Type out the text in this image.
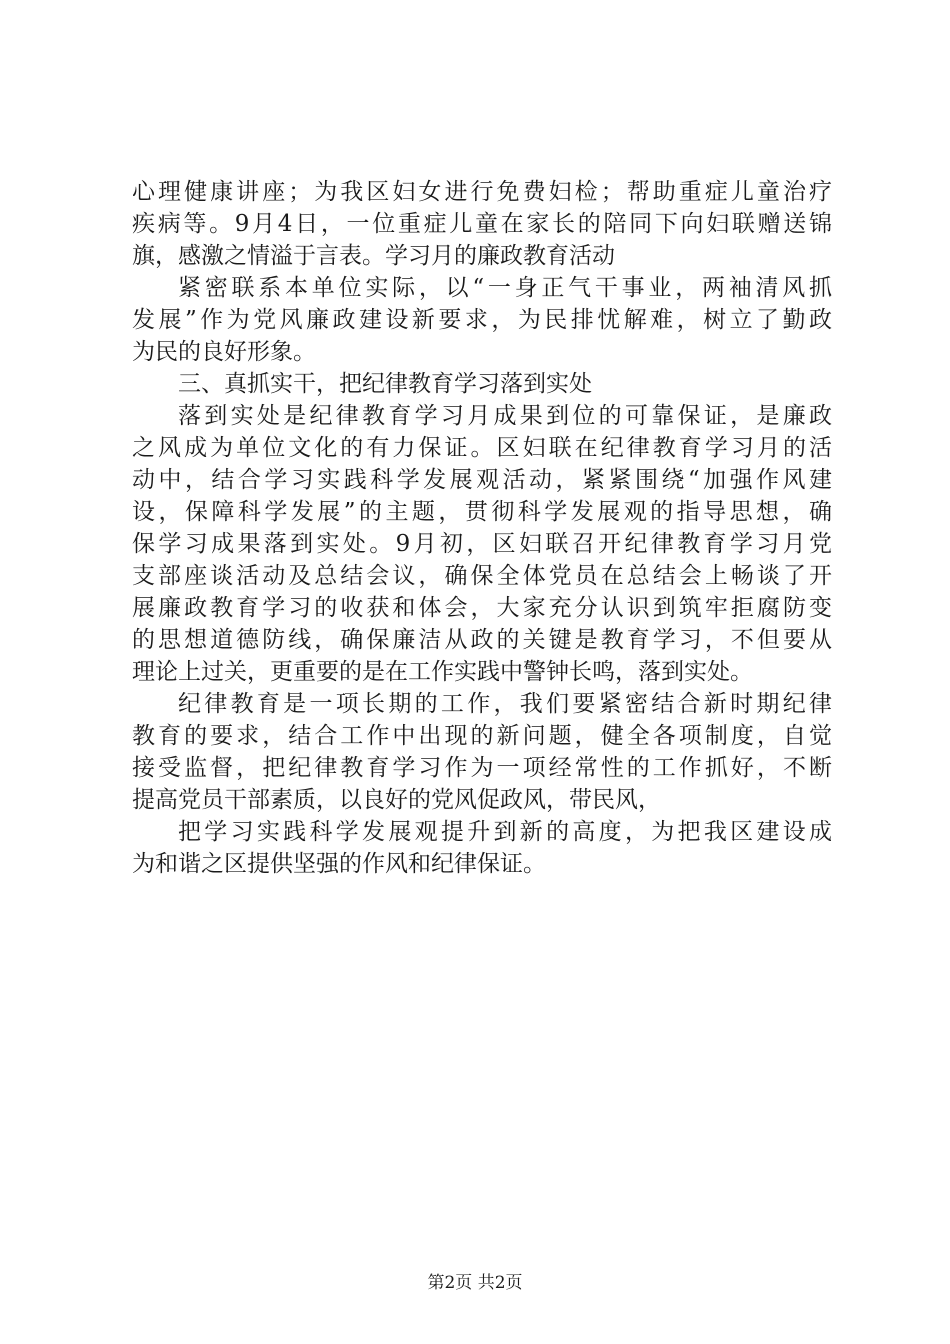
心理健康讲座；为我区妇女进行免费妇检；帮助重症儿童治疗
疾病等。9月4日，一位重症儿童在家长的陪同下向妇联赠送锦
旗，感激之情溢于言表。学习月的廉政教育活动
紧密联系本单位实际，以“一身正气干事业，两袖清风抓
发展”作为党风廉政建设新要求，为民排忧解难，树立了勤政
为民的良好形象。
三、真抓实干，把纪律教育学习落到实处
落到实处是纪律教育学习月成果到位的可靠保证，是廉政
之风成为单位文化的有力保证。区妇联在纪律教育学习月的活
动中，结合学习实践科学发展观活动，紧紧围绕“加强作风建
设，保障科学发展”的主题，贯彻科学发展观的指导思想，确
保学习成果落到实处。9月初，区妇联召开纪律教育学习月党
支部座谈活动及总结会议，确保全体党员在总结会上畅谈了开
展廉政教育学习的收获和体会，大家充分认识到筑牢拒腐防变
的思想道德防线，确保廉洁从政的关键是教育学习，不但要从
理论上过关，更重要的是在工作实践中警钟长鸣，落到实处。
纪律教育是一项长期的工作，我们要紧密结合新时期纪律
教育的要求，结合工作中出现的新问题，健全各项制度，自觉
接受监督，把纪律教育学习作为一项经常性的工作抓好，不断
提高党员干部素质，以良好的党风促政风，带民风，
把学习实践科学发展观提升到新的高度，为把我区建设成
为和谐之区提供坚强的作风和纪律保证。
第2页 共2页
